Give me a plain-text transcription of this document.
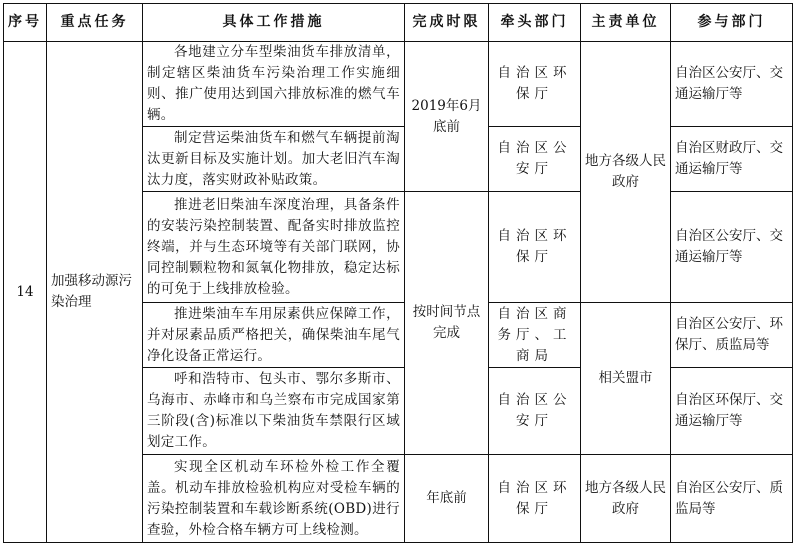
序号	重点任务	具体工作措施	完成时限	牵头部门	主责单位	参与部门
14	加强移动源污染治理	各地建立分车型柴油货车排放清单，制定辖区柴油货车污染治理工作实施细则、推广使用达到国六排放标准的燃气车辆。	2019年6月底前	自治区环保厅	地方各级人民政府	自治区公安厅、交通运输厅等
		制定营运柴油货车和燃气车辆提前淘汰更新目标及实施计划。加大老旧汽车淘汰力度，落实财政补贴政策。		自治区公安厅		自治区财政厅、交通运输厅等
		推进老旧柴油车深度治理，具备条件的安装污染控制装置、配备实时排放监控终端，并与生态环境等有关部门联网，协同控制颗粒物和氮氧化物排放，稳定达标的可免于上线排放检验。	按时间节点完成	自治区环保厅		自治区公安厅、交通运输厅等
		推进柴油车车用尿素供应保障工作，并对尿素品质严格把关，确保柴油车尾气净化设备正常运行。		自治区商务厅、工商局	相关盟市	自治区公安厅、环保厅、质监局等
		呼和浩特市、包头市、鄂尔多斯市、乌海市、赤峰市和乌兰察布市完成国家第三阶段(含)标准以下柴油货车禁限行区域划定工作。		自治区公安厅		自治区环保厅、交通运输厅等
		实现全区机动车环检外检工作全覆盖。机动车排放检验机构应对受检车辆的污染控制装置和车载诊断系统(OBD)进行查验，外检合格车辆方可上线检测。	年底前	自治区环保厅	地方各级人民政府	自治区公安厅、质监局等
